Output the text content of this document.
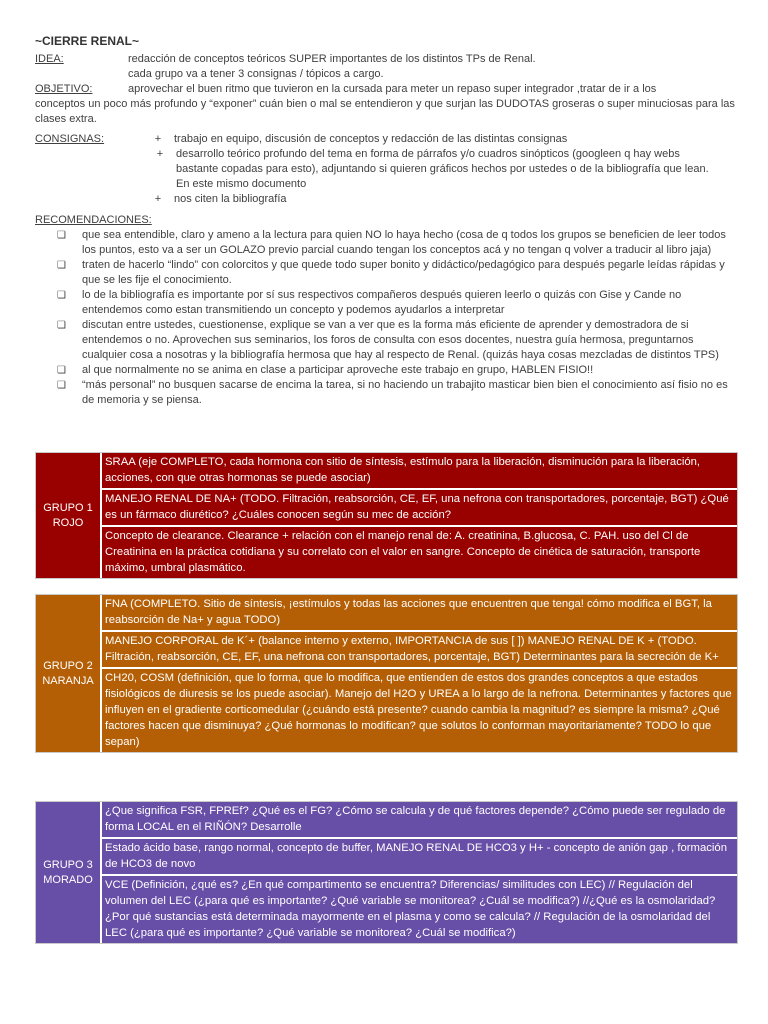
~CIERRE RENAL~
IDEA:	redacción de conceptos teóricos SUPER importantes de los distintos TPs de Renal.
cada grupo va a tener 3 consignas / tópicos a cargo.
OBJETIVO:	aprovechar el buen ritmo que tuvieron en la cursada para meter un repaso super integrador ,tratar de ir a los

conceptos un poco más profundo y “exponer” cuán bien o mal se entendieron y que surjan las DUDOTAS groseras o super minuciosas para las clases extra.

CONSIGNAS:	+	trabajo en equipo, discusión de conceptos y redacción de las distintas consignas
+	desarrollo teórico profundo del tema en forma de párrafos y/o cuadros sinópticos (googleen q hay webs bastante copadas para esto), adjuntando si quieren gráficos hechos por ustedes o de la bibliografía que lean. En este mismo documento
+	nos citen la bibliografía
RECOMENDACIONES:
❏	que sea entendible, claro y ameno a la lectura para quien NO lo haya hecho (cosa de q todos los grupos se beneficien de leer todos los puntos, esto va a ser un GOLAZO previo parcial cuando tengan los conceptos acá y no tengan q volver a traducir al libro jaja)
❏	traten de hacerlo “lindo” con colorcitos y que quede todo super bonito y didáctico/pedagógico para después pegarle leídas rápidas y que se les fije el conocimiento.
❏	lo de la bibliografía es importante por sí sus respectivos compañeros después quieren leerlo o quizás con Gise y Cande no entendemos como estan transmitiendo un concepto y podemos ayudarlos a interpretar
❏	discutan entre ustedes, cuestionense, explique se van a ver que es la forma más eficiente de aprender y demostradora de si entendemos o no. Aprovechen sus seminarios, los foros de consulta con esos docentes, nuestra guía hermosa, preguntarnos cualquier cosa a nosotras y la bibliografía hermosa que hay al respecto de Renal. (quizás haya cosas mezcladas de distintos TPS)
❏	al que normalmente no se anima en clase a participar aproveche este trabajo en grupo, HABLEN FISIO!!
❏	“más personal” no busquen sacarse de encima la tarea, si no haciendo un trabajito masticar bien bien el conocimiento así fisio no es de memoria y se piensa.
GRUPO 1 ROJO
SRAA (eje COMPLETO, cada hormona con sitio de síntesis, estímulo para la liberación, disminución para la liberación, acciones, con que otras hormonas se puede asociar)
MANEJO RENAL DE NA+ (TODO. Filtración, reabsorción, CE, EF, una nefrona con transportadores, porcentaje, BGT) ¿Qué es un fármaco diurético? ¿Cuáles conocen según su mec de acción?
Concepto de clearance. Clearance + relación con el manejo renal de: A. creatinina, B.glucosa, C. PAH. uso del Cl de Creatinina en la práctica cotidiana y su correlato con el valor en sangre. Concepto de cinética de saturación, transporte máximo, umbral plasmático.
GRUPO 2 NARANJA
FNA (COMPLETO. Sitio de síntesis, ¡estímulos y todas las acciones que encuentren que tenga! cómo modifica el BGT, la reabsorción de Na+ y agua TODO)
MANEJO CORPORAL de K´+ (balance interno y externo, IMPORTANCIA de sus [ ]) MANEJO RENAL DE K + (TODO. Filtración, reabsorción, CE, EF, una nefrona con transportadores, porcentaje, BGT) Determinantes para la secreción de K+
CH20, COSM (definición, que lo forma, que lo modifica, que entienden de estos dos grandes conceptos a que estados fisiológicos de diuresis se los puede asociar). Manejo del H2O y UREA a lo largo de la nefrona. Determinantes y factores que influyen en el gradiente corticomedular (¿cuándo está presente? cuando cambia la magnitud? es siempre la misma? ¿Qué factores hacen que disminuya? ¿Qué hormonas lo modifican? que solutos lo conforman mayoritariamente? TODO lo que sepan)
GRUPO 3 MORADO
¿Que significa FSR, FPREf? ¿Qué es el FG? ¿Cómo se calcula y de qué factores depende? ¿Cómo puede ser regulado de forma LOCAL en el RIÑÓN? Desarrolle
Estado ácido base, rango normal, concepto de buffer, MANEJO RENAL DE HCO3 y H+ - concepto de anión gap , formación de HCO3 de novo
VCE (Definición, ¿qué es? ¿En qué compartimento se encuentra? Diferencias/ similitudes con LEC) // Regulación del volumen del LEC (¿para qué es importante? ¿Qué variable se monitorea? ¿Cuál se modifica?) //¿Qué es la osmolaridad? ¿Por qué sustancias está determinada mayormente en el plasma y como se calcula? // Regulación de la osmolaridad del LEC (¿para qué es importante? ¿Qué variable se monitorea? ¿Cuál se modifica?)
